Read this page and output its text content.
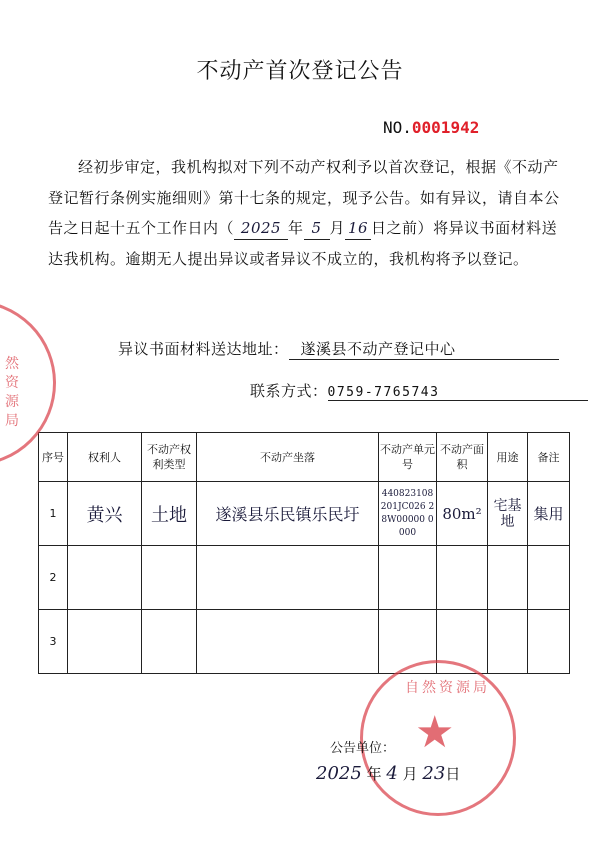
不动产首次登记公告
NO.0001942
经初步审定，我机构拟对下列不动产权利予以首次登记，根据《不动产登记暂行条例实施细则》第十七条的规定，现予公告。如有异议，请自本公告之日起十五个工作日内（ 2025 年 5 月 16 日之前）将异议书面材料送达我机构。逾期无人提出异议或者异议不成立的，我机构将予以登记。
异议书面材料送达地址： 遂溪县不动产登记中心
联系方式：0759-7765743
序号	权利人	不动产权利类型	不动产坐落	不动产单元号	不动产面 积	用途	备注
1	黄兴	土地	遂溪县乐民镇乐民圩	440823108 201JC026 28W00000 0000	80m²	宅基地	集用
2							
3							
然资源局
自然资源局
★
公告单位：
2025 年 4 月 23日
